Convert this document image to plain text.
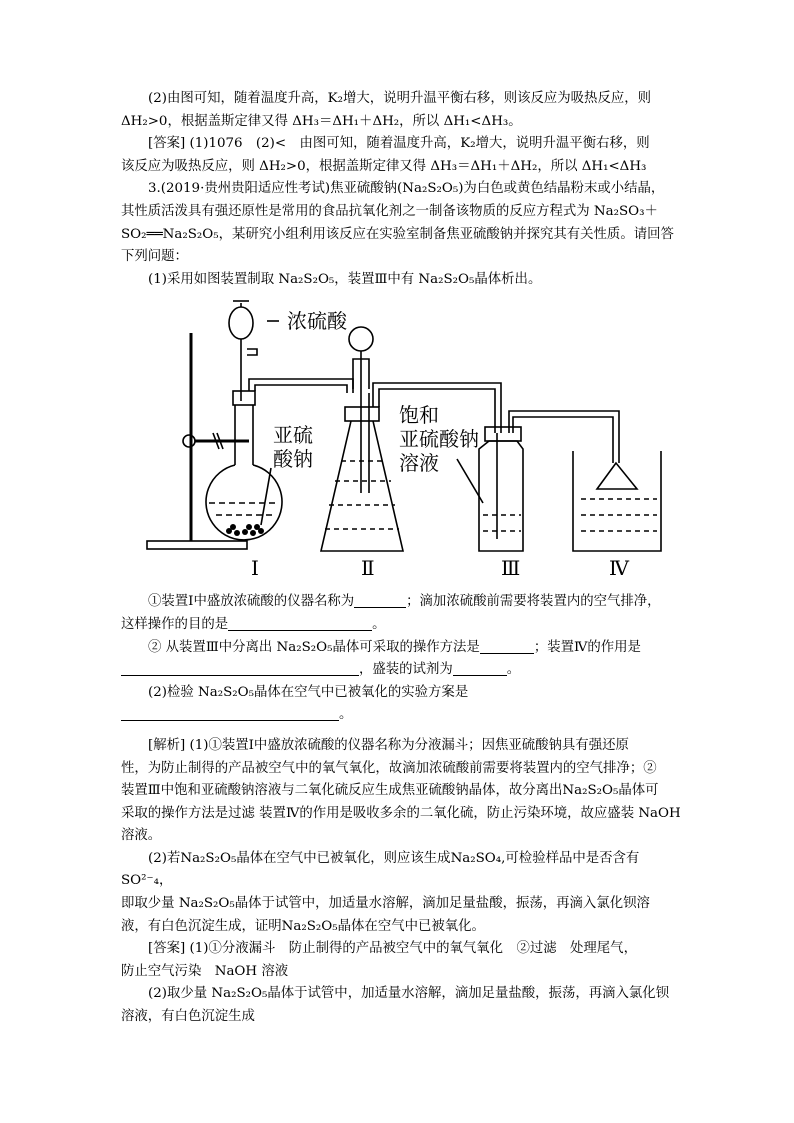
(2)由图可知，随着温度升高，K₂增大，说明升温平衡右移，则该反应为吸热反应，则

ΔH₂>0，根据盖斯定律又得 ΔH₃＝ΔH₁＋ΔH₂，所以 ΔH₁<ΔH₃。

[答案] (1)1076　(2)<　由图可知，随着温度升高，K₂增大，说明升温平衡右移，则

该反应为吸热反应，则 ΔH₂>0，根据盖斯定律又得 ΔH₃＝ΔH₁＋ΔH₂，所以 ΔH₁<ΔH₃

3.(2019·贵州贵阳适应性考试)焦亚硫酸钠(Na₂S₂O₅)为白色或黄色结晶粉末或小结晶，

其性质活泼具有强还原性是常用的食品抗氧化剂之一制备该物质的反应方程式为 Na₂SO₃＋

SO₂══Na₂S₂O₅，某研究小组利用该反应在实验室制备焦亚硫酸钠并探究其有关性质。请回答

下列问题：

(1)采用如图装置制取 Na₂S₂O₅，装置Ⅲ中有 Na₂S₂O₅晶体析出。

浓硫酸
亚硫
酸钠
饱和
亚硫酸钠
溶液
Ⅰ	Ⅱ	Ⅲ	Ⅳ

①装置Ⅰ中盛放浓硫酸的仪器名称为	；滴加浓硫酸前需要将装置内的空气排净，

这样操作的目的是	。

② 从装置Ⅲ中分离出 Na₂S₂O₅晶体可采取的操作方法是	；装置Ⅳ的作用是

，盛装的试剂为	。

(2)检验 Na₂S₂O₅晶体在空气中已被氧化的实验方案是

。

[解析] (1)①装置Ⅰ中盛放浓硫酸的仪器名称为分液漏斗；因焦亚硫酸钠具有强还原

性，为防止制得的产品被空气中的氧气氧化，故滴加浓硫酸前需要将装置内的空气排净；②

装置Ⅲ中饱和亚硫酸钠溶液与二氧化硫反应生成焦亚硫酸钠晶体，故分离出Na₂S₂O₅晶体可

采取的操作方法是过滤 装置Ⅳ的作用是吸收多余的二氧化硫，防止污染环境，故应盛装 NaOH

溶液。

(2)若Na₂S₂O₅晶体在空气中已被氧化，则应该生成Na₂SO₄,可检验样品中是否含有 SO²⁻₄，

即取少量 Na₂S₂O₅晶体于试管中，加适量水溶解，滴加足量盐酸，振荡，再滴入氯化钡溶

液，有白色沉淀生成，证明Na₂S₂O₅晶体在空气中已被氧化。

[答案] (1)①分液漏斗　防止制得的产品被空气中的氧气氧化　②过滤　处理尾气，

防止空气污染　NaOH 溶液

(2)取少量 Na₂S₂O₅晶体于试管中，加适量水溶解，滴加足量盐酸，振荡，再滴入氯化钡

溶液，有白色沉淀生成
